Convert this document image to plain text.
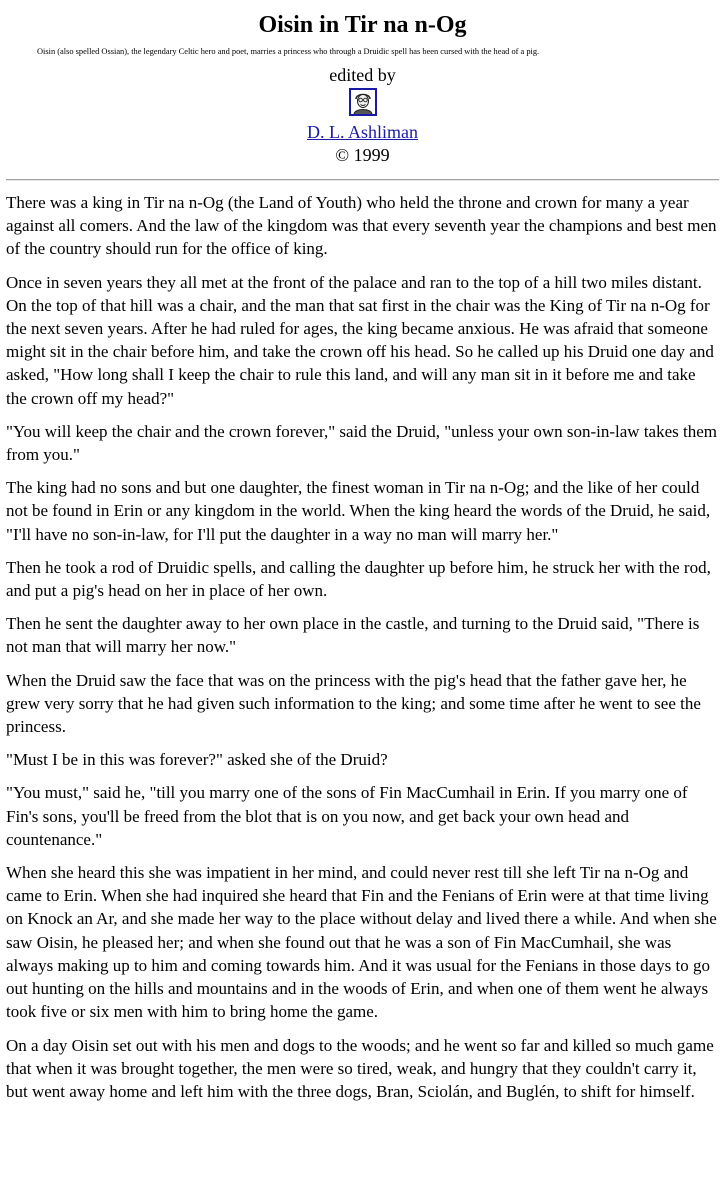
Oisin in Tir na n-Og
Oisin (also spelled Ossian), the legendary Celtic hero and poet, marries a princess who through a Druidic spell has been cursed with the head of a pig.
edited by
D. L. Ashliman
© 1999

There was a king in Tir na n-Og (the Land of Youth) who held the throne and crown for many a year against all comers. And the law of the kingdom was that every seventh year the champions and best men of the country should run for the office of king.

Once in seven years they all met at the front of the palace and ran to the top of a hill two miles distant. On the top of that hill was a chair, and the man that sat first in the chair was the King of Tir na n-Og for the next seven years. After he had ruled for ages, the king became anxious. He was afraid that someone might sit in the chair before him, and take the crown off his head. So he called up his Druid one day and asked, "How long shall I keep the chair to rule this land, and will any man sit in it before me and take the crown off my head?"

"You will keep the chair and the crown forever," said the Druid, "unless your own son-in-law takes them from you."

The king had no sons and but one daughter, the finest woman in Tir na n-Og; and the like of her could not be found in Erin or any kingdom in the world. When the king heard the words of the Druid, he said, "I'll have no son-in-law, for I'll put the daughter in a way no man will marry her."

Then he took a rod of Druidic spells, and calling the daughter up before him, he struck her with the rod, and put a pig's head on her in place of her own.

Then he sent the daughter away to her own place in the castle, and turning to the Druid said, "There is not man that will marry her now."

When the Druid saw the face that was on the princess with the pig's head that the father gave her, he grew very sorry that he had given such information to the king; and some time after he went to see the princess.

"Must I be in this was forever?" asked she of the Druid?

"You must," said he, "till you marry one of the sons of Fin MacCumhail in Erin. If you marry one of Fin's sons, you'll be freed from the blot that is on you now, and get back your own head and countenance."

When she heard this she was impatient in her mind, and could never rest till she left Tir na n-Og and came to Erin. When she had inquired she heard that Fin and the Fenians of Erin were at that time living on Knock an Ar, and she made her way to the place without delay and lived there a while. And when she saw Oisin, he pleased her; and when she found out that he was a son of Fin MacCumhail, she was always making up to him and coming towards him. And it was usual for the Fenians in those days to go out hunting on the hills and mountains and in the woods of Erin, and when one of them went he always took five or six men with him to bring home the game.

On a day Oisin set out with his men and dogs to the woods; and he went so far and killed so much game that when it was brought together, the men were so tired, weak, and hungry that they couldn't carry it, but went away home and left him with the three dogs, Bran, Sciolán, and Buglén, to shift for himself.
